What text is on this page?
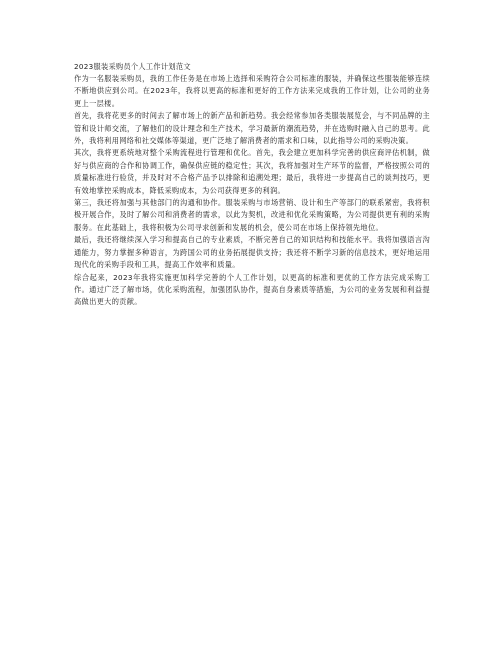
2023服装采购员个人工作计划范文

作为一名服装采购员，我的工作任务是在市场上选择和采购符合公司标准的服装，并确保这些服装能够连续不断地供应到公司。在2023年，我将以更高的标准和更好的工作方法来完成我的工作计划，让公司的业务更上一层楼。

首先，我将花更多的时间去了解市场上的新产品和新趋势。我会经常参加各类服装展览会，与不同品牌的主管和设计师交流，了解他们的设计理念和生产技术，学习最新的潮流趋势，并在选购时融入自己的思考。此外，我将利用网络和社交媒体等渠道，更广泛地了解消费者的需求和口味，以此指导公司的采购决策。

其次，我将更系统地对整个采购流程进行管理和优化。首先，我会建立更加科学完善的供应商评估机制，做好与供应商的合作和协调工作，确保供应链的稳定性；其次，我将加强对生产环节的监督，严格按照公司的质量标准进行验货，并及时对不合格产品予以排除和追溯处理；最后，我将进一步提高自己的谈判技巧，更有效地掌控采购成本，降低采购成本，为公司获得更多的利润。

第三，我还将加强与其他部门的沟通和协作。服装采购与市场营销、设计和生产等部门的联系紧密，我将积极开展合作，及时了解公司和消费者的需求，以此为契机，改进和优化采购策略，为公司提供更有利的采购服务。在此基础上，我将积极为公司寻求创新和发展的机会，使公司在市场上保持领先地位。

最后，我还将继续深入学习和提高自己的专业素质，不断完善自己的知识结构和技能水平。我将加强语言沟通能力，努力掌握多种语言，为跨国公司的业务拓展提供支持；我还将不断学习新的信息技术，更好地运用现代化的采购手段和工具，提高工作效率和质量。

综合起来，2023年我将实施更加科学完善的个人工作计划，以更高的标准和更优的工作方法完成采购工作。通过广泛了解市场，优化采购流程，加强团队协作，提高自身素质等措施，为公司的业务发展和利益提高做出更大的贡献。
